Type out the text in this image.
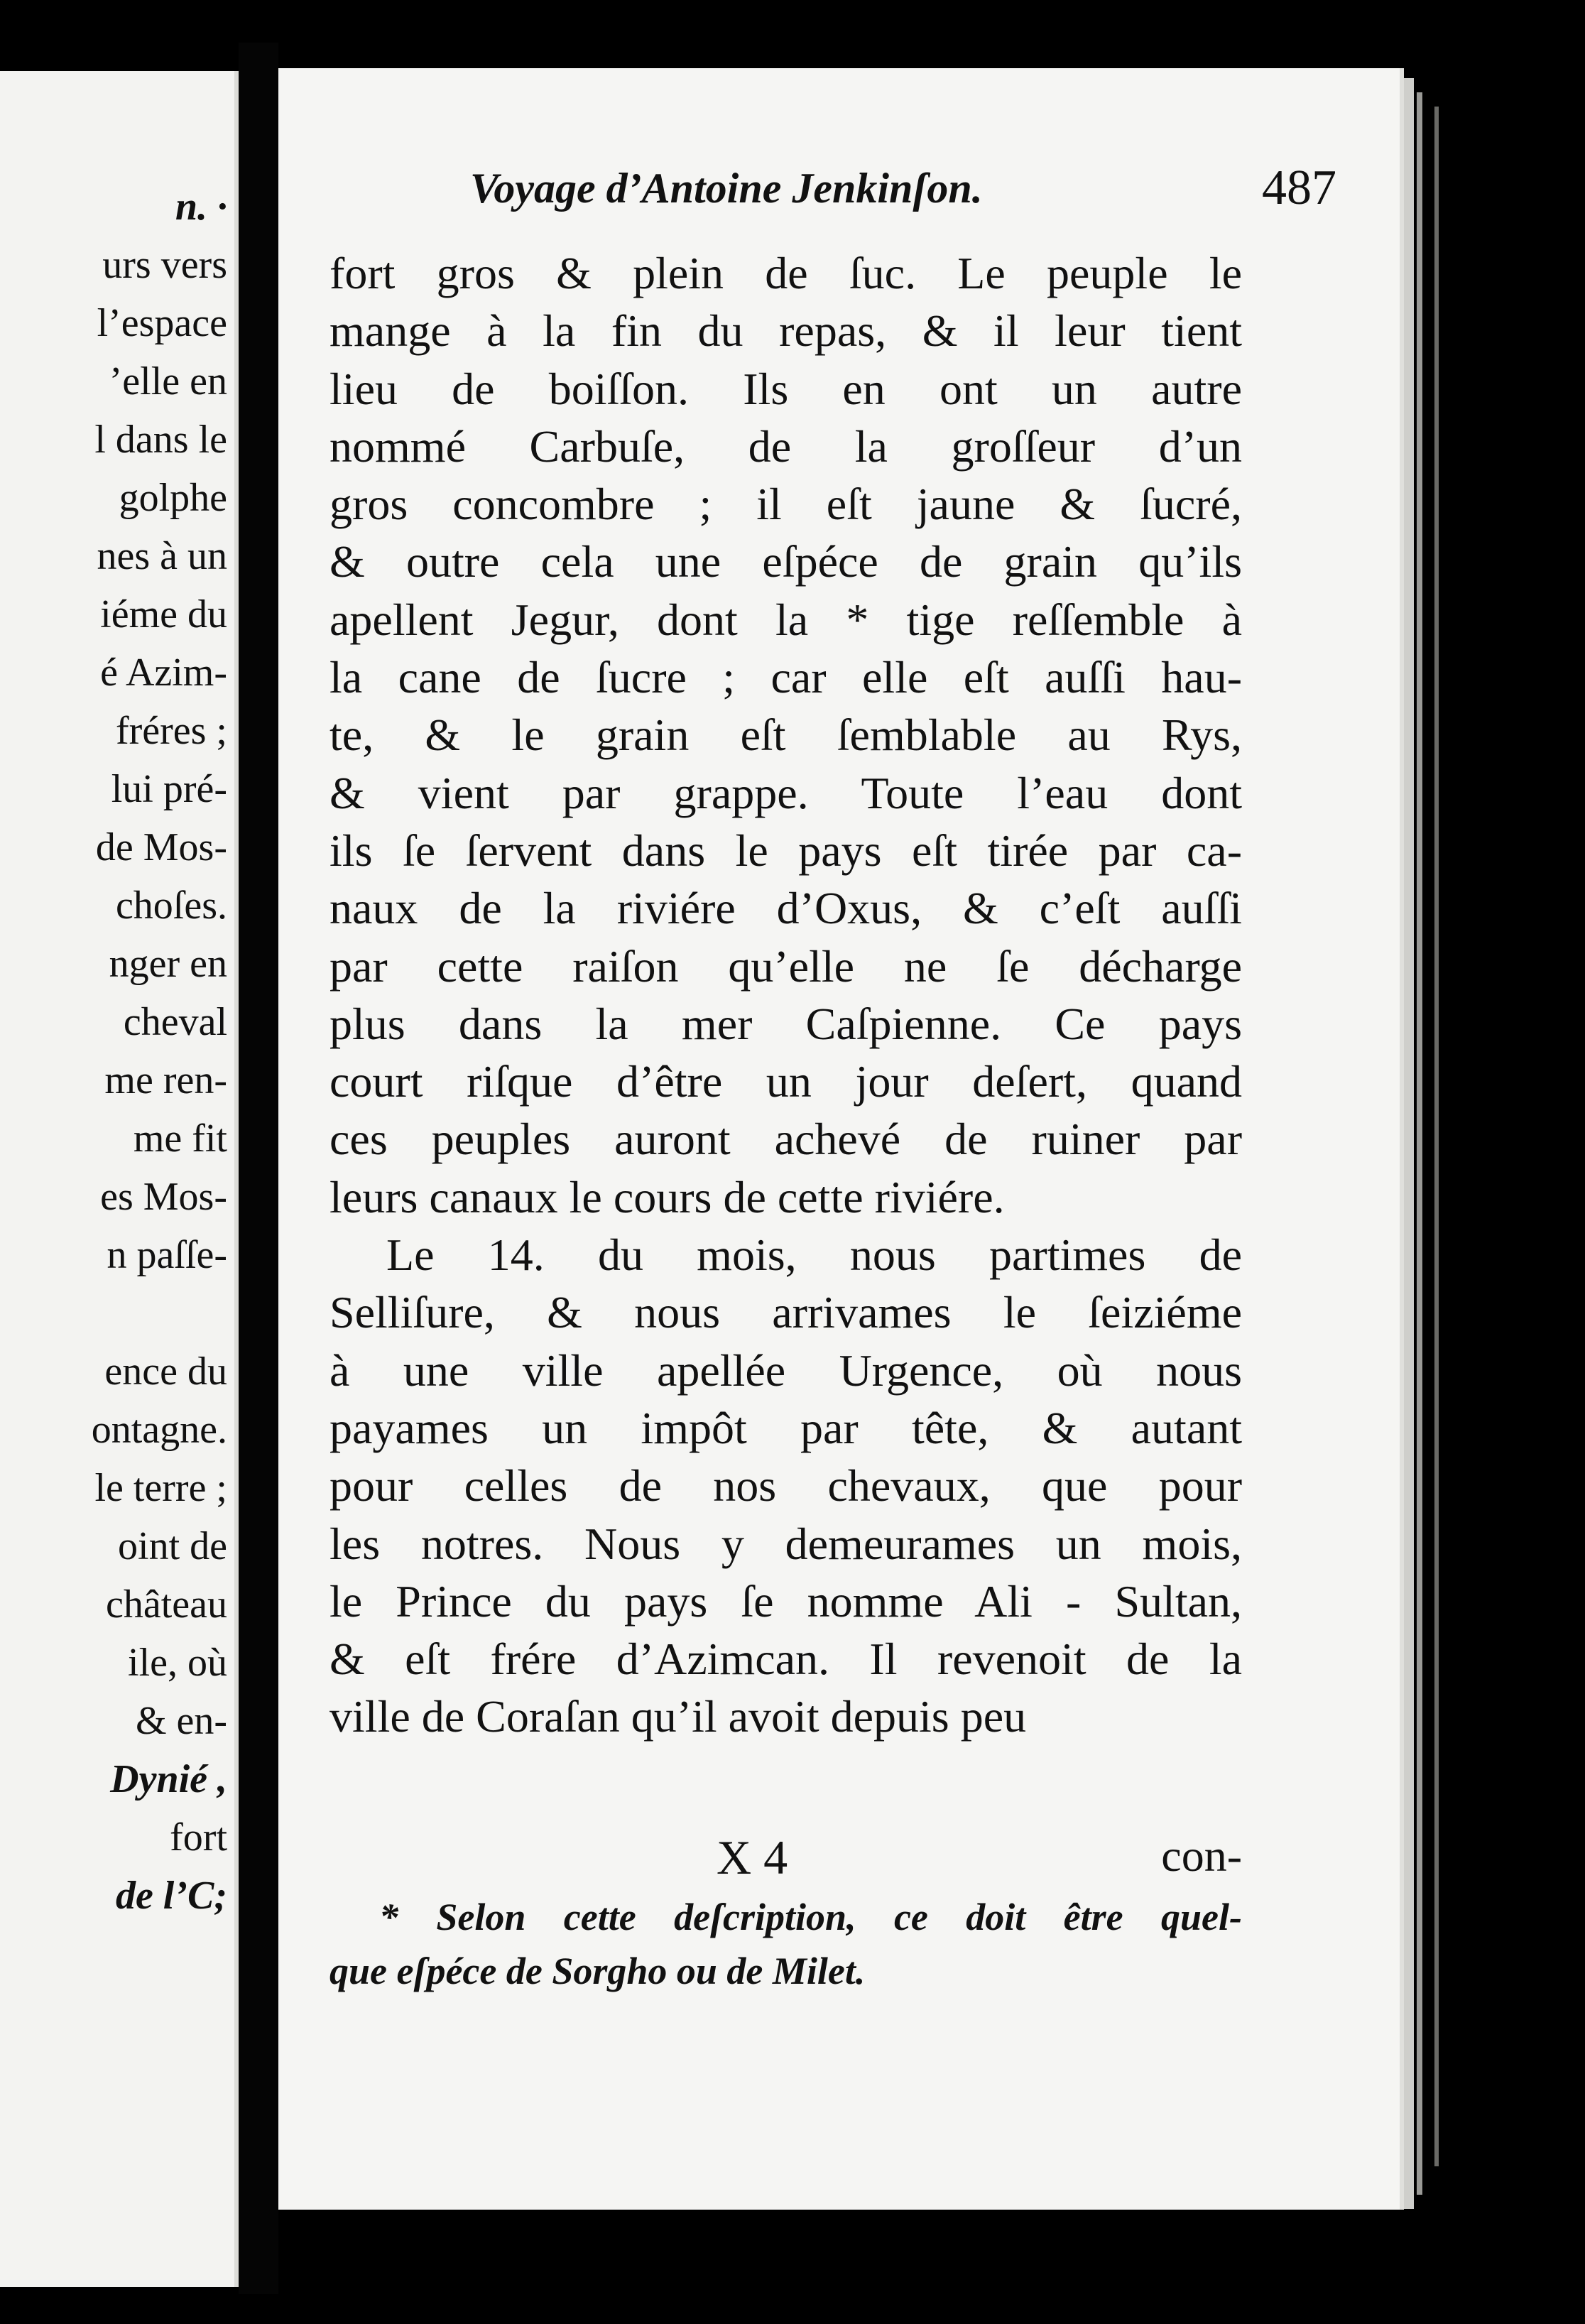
n. ·
urs vers
l’espace
’elle en
l dans le
golphe
nes à un
iéme du
é Azim-
fréres ;
lui pré-
de Mos-
choſes.
nger en
cheval
me ren-
me fit
es Mos-
n paſſe-
ence du
ontagne.
le terre ;
oint de
château
ile, où
& en-
Dynié ,
fort
de l’C;
Voyage d’Antoine Jenkinſon.	487
fort gros & plein de ſuc. Le peuple le
mange à la fin du repas, & il leur tient
lieu de boiſſon. Ils en ont un autre
nommé Carbuſe, de la groſſeur d’un
gros concombre ; il eſt jaune & ſucré,
& outre cela une eſpéce de grain qu’ils
apellent Jegur, dont la * tige reſſemble à
la cane de ſucre ; car elle eſt auſſi hau-
te, & le grain eſt ſemblable au Rys,
& vient par grappe. Toute l’eau dont
ils ſe ſervent dans le pays eſt tirée par ca-
naux de la riviére d’Oxus, & c’eſt auſſi
par cette raiſon qu’elle ne ſe décharge
plus dans la mer Caſpienne. Ce pays
court riſque d’être un jour deſert, quand
ces peuples auront achevé de ruiner par
leurs canaux le cours de cette riviére.
Le 14. du mois, nous partimes de
Selliſure, & nous arrivames le ſeiziéme
à une ville apellée Urgence, où nous
payames un impôt par tête, & autant
pour celles de nos chevaux, que pour
les notres. Nous y demeurames un mois,
le Prince du pays ſe nomme Ali - Sultan,
& eſt frére d’Azimcan. Il revenoit de la
ville de Coraſan qu’il avoit depuis peu
X 4	con-
* Selon cette deſcription, ce doit être quel-
que eſpéce de Sorgho ou de Milet.
